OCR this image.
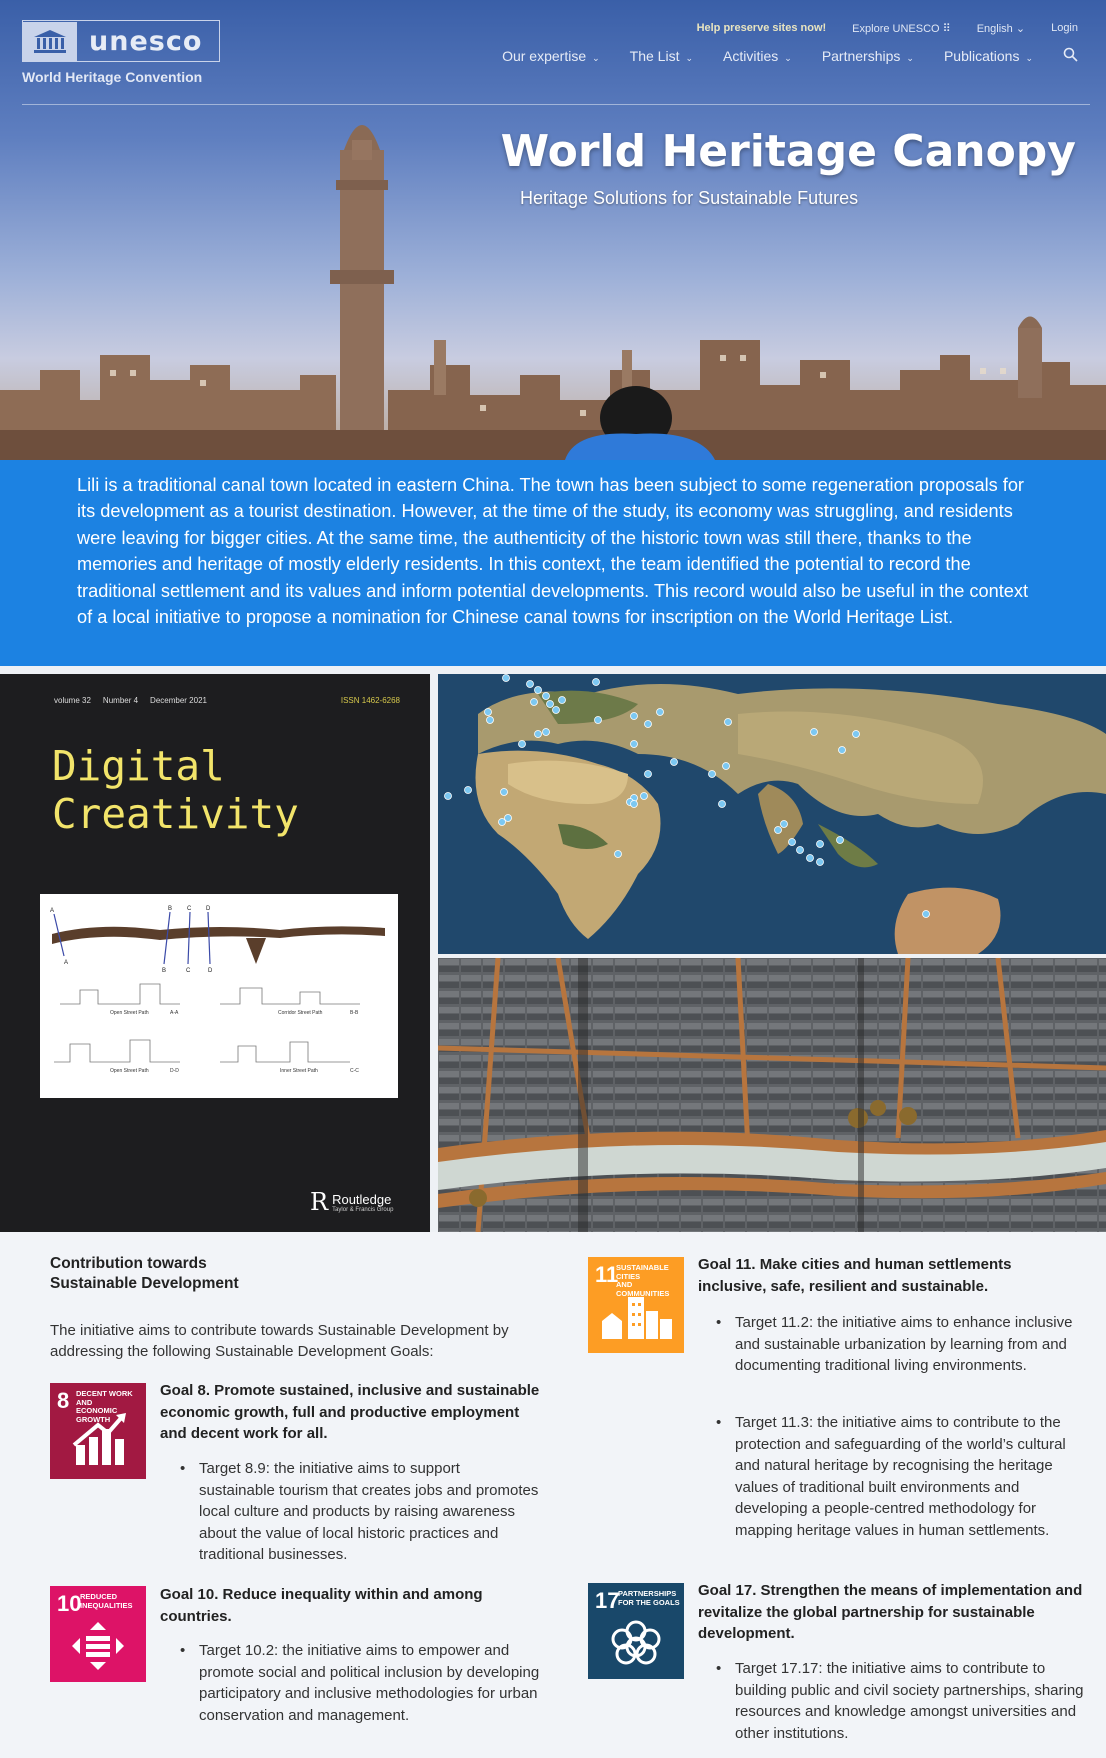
unesco
World Heritage Convention
Help preserve sites now! Explore UNESCO ⠿ English ⌄ Login
Our expertise ⌄ The List ⌄ Activities ⌄ Partnerships ⌄ Publications ⌄
World Heritage Canopy
Heritage Solutions for Sustainable Futures

Lili is a traditional canal town located in eastern China. The town has been subject to some regeneration proposals for its development as a tourist destination. However, at the time of the study, its economy was struggling, and residents were leaving for bigger cities. At the same time, the authenticity of the historic town was still there, thanks to the memories and heritage of mostly elderly residents. In this context, the team identified the potential to record the traditional settlement and its values and inform potential developments. This record would also be useful in the context of a local initiative to propose a nomination for Chinese canal towns for inscription on the World Heritage List.

volume 32 Number 4 December 2021	ISSN 1462-6268
Digital
Creativity
A	B C D
A
B	C	D
Open Street Path	A-A	Corridor Street Path	B-B
Open Street Path	D-D	Inner Street Path	C-C
R Routledge
Taylor & Francis Group
Contribution towards
Sustainable Development
The initiative aims to contribute towards Sustainable Development by addressing the following Sustainable Development Goals:
8 DECENT WORK AND
ECONOMIC GROWTH
Goal 8. Promote sustained, inclusive and sustainable economic growth, full and productive employment and decent work for all.
• Target 8.9: the initiative aims to support sustainable tourism that creates jobs and promotes local culture and products by raising awareness about the value of local historic practices and traditional businesses.
10
REDUCED
INEQUALITIES
Goal 10. Reduce inequality within and among countries.
• Target 10.2: the initiative aims to empower and promote social and political inclusion by developing participatory and inclusive methodologies for urban conservation and management.
11
SUSTAINABLE CITIES
AND COMMUNITIES
Goal 11. Make cities and human settlements inclusive, safe, resilient and sustainable.
• Target 11.2: the initiative aims to enhance inclusive and sustainable urbanization by learning from and documenting traditional living environments.
• Target 11.3: the initiative aims to contribute to the protection and safeguarding of the world’s cultural and natural heritage by recognising the heritage values of traditional built environments and developing a people-centred methodology for mapping heritage values in human settlements.
17
PARTNERSHIPS
FOR THE GOALS
Goal 17. Strengthen the means of implementation and revitalize the global partnership for sustainable development.
• Target 17.17: the initiative aims to contribute to building public and civil society partnerships, sharing resources and knowledge amongst universities and other institutions.
